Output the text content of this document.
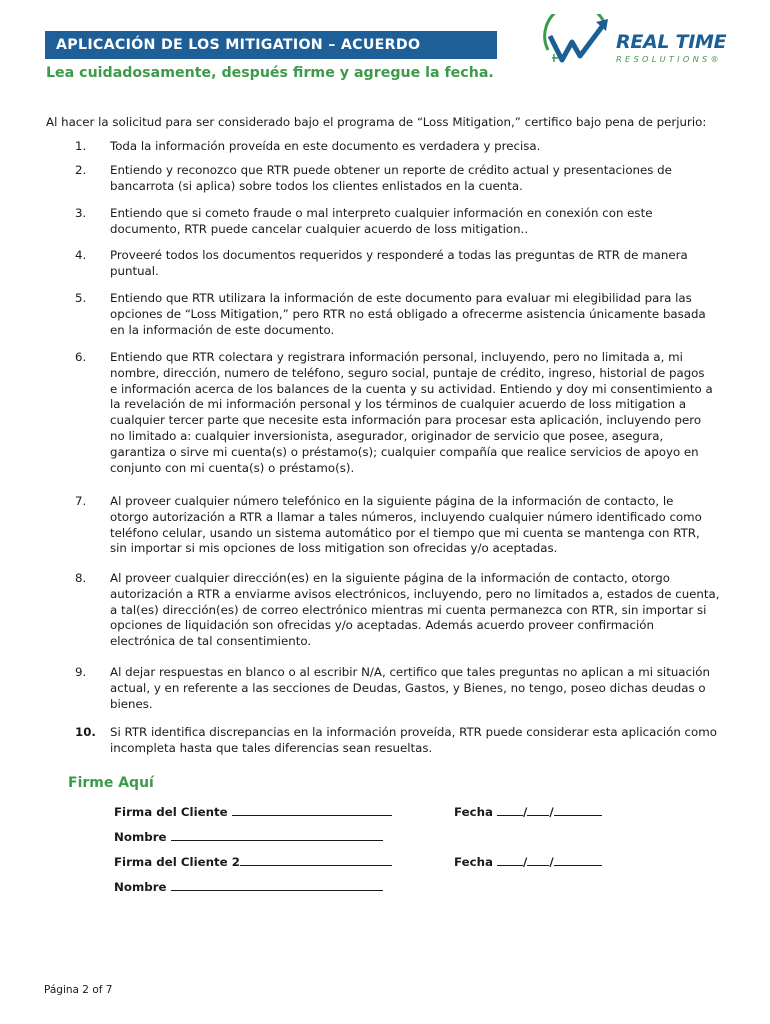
APLICACIÓN DE LOS MITIGATION – ACUERDO
Lea cuidadosamente, después firme y agregue la fecha.
REAL TIME
RESOLUTIONS®
Al hacer la solicitud para ser considerado bajo el programa de “Loss Mitigation,” certifico bajo pena de perjurio:
1. Toda la información proveída en este documento es verdadera y precisa.
2. Entiendo y reconozco que RTR puede obtener un reporte de crédito actual y presentaciones de
bancarrota (si aplica) sobre todos los clientes enlistados en la cuenta.
3. Entiendo que si cometo fraude o mal interpreto cualquier información en conexión con este
documento, RTR puede cancelar cualquier acuerdo de loss mitigation..
4. Proveeré todos los documentos requeridos y responderé a todas las preguntas de RTR de manera
puntual.
5. Entiendo que RTR utilizara la información de este documento para evaluar mi elegibilidad para las
opciones de “Loss Mitigation,” pero RTR no está obligado a ofrecerme asistencia únicamente basada
en la información de este documento.
6. Entiendo que RTR colectara y registrara información personal, incluyendo, pero no limitada a, mi
nombre, dirección, numero de teléfono, seguro social, puntaje de crédito, ingreso, historial de pagos
e información acerca de los balances de la cuenta y su actividad. Entiendo y doy mi consentimiento a
la revelación de mi información personal y los términos de cualquier acuerdo de loss mitigation a
cualquier tercer parte que necesite esta información para procesar esta aplicación, incluyendo pero
no limitado a: cualquier inversionista, asegurador, originador de servicio que posee, asegura,
garantiza o sirve mi cuenta(s) o préstamo(s); cualquier compañía que realice servicios de apoyo en
conjunto con mi cuenta(s) o préstamo(s).
7. Al proveer cualquier número telefónico en la siguiente página de la información de contacto, le
otorgo autorización a RTR a llamar a tales números, incluyendo cualquier número identificado como
teléfono celular, usando un sistema automático por el tiempo que mi cuenta se mantenga con RTR,
sin importar si mis opciones de loss mitigation son ofrecidas y/o aceptadas.
8. Al proveer cualquier dirección(es) en la siguiente página de la información de contacto, otorgo
autorización a RTR a enviarme avisos electrónicos, incluyendo, pero no limitados a, estados de cuenta,
a tal(es) dirección(es) de correo electrónico mientras mi cuenta permanezca con RTR, sin importar si
opciones de liquidación son ofrecidas y/o aceptadas. Además acuerdo proveer confirmación
electrónica de tal consentimiento.
9. Al dejar respuestas en blanco o al escribir N/A, certifico que tales preguntas no aplican a mi situación
actual, y en referente a las secciones de Deudas, Gastos, y Bienes, no tengo, poseo dichas deudas o
bienes.
10. Si RTR identifica discrepancias en la información proveída, RTR puede considerar esta aplicación como
incompleta hasta que tales diferencias sean resueltas.
Firme Aquí
Firma del Cliente	Fecha	/ /
Nombre
Firma del Cliente 2	Fecha	/ /
Nombre
Página 2 of 7
